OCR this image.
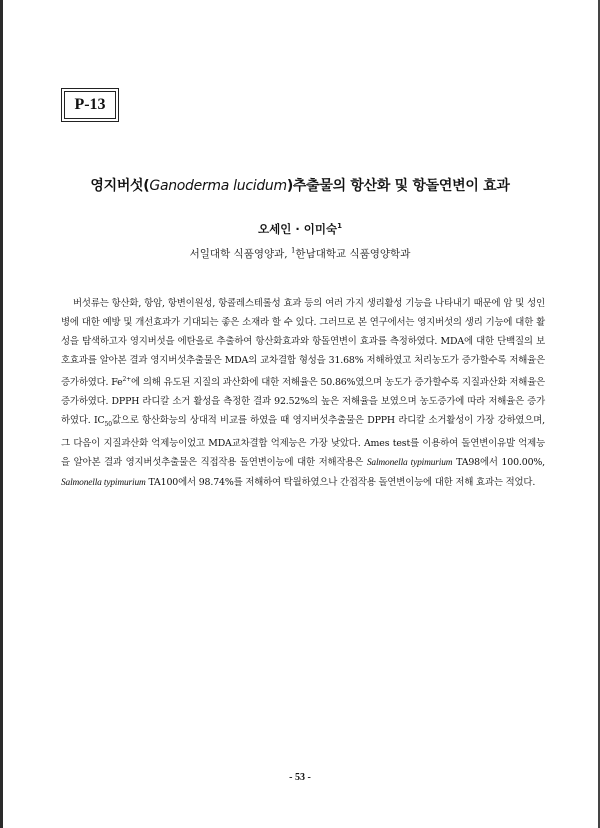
P-13
영지버섯(Ganoderma lucidum)추출물의 항산화 및 항돌연변이 효과
오세인 · 이미숙$^1$
서일대학 식품영양과, $^1$한남대학교 식품영양학과
버섯류는 항산화, 항암, 항변이원성, 항콜레스테롤성 효과 등의 여러 가지 생리활성 기능을 나타내기 때문에 암 및 성인병에 대한 예방 및 개선효과가 기대되는 좋은 소재라 할 수 있다. 그러므로 본 연구에서는 영지버섯의 생리 기능에 대한 활성을 탐색하고자 영지버섯을 에탄올로 추출하여 항산화효과와 항돌연변이 효과를 측정하였다. MDA에 대한 단백질의 보호효과를 알아본 결과 영지버섯추출물은 MDA의 교차결합 형성을 31.68% 저해하였고 처리농도가 증가할수록 저해율은 증가하였다. $Fe^{2+}$에 의해 유도된 지질의 과산화에 대한 저해율은 50.86%였으며 농도가 증가할수록 지질과산화 저해율은 증가하였다. DPPH 라디칼 소거 활성을 측정한 결과 92.52%의 높은 저해율을 보였으며 농도증가에 따라 저해율은 증가하였다. $IC_{50}$값으로 항산화능의 상대적 비교를 하였을 때 영지버섯추출물은 DPPH 라디칼 소거활성이 가장 강하였으며, 그 다음이 지질과산화 억제능이었고 MDA교차결합 억제능은 가장 낮았다. Ames test를 이용하여 돌연변이유발 억제능을 알아본 결과 영지버섯추출물은 직접작용 돌연변이능에 대한 저해작용은 Salmonella typimurium TA98에서 100.00%, Salmonella typimurium TA100에서 98.74%를 저해하여 탁월하였으나 간접작용 돌연변이능에 대한 저해 효과는 적었다.
- 53 -
